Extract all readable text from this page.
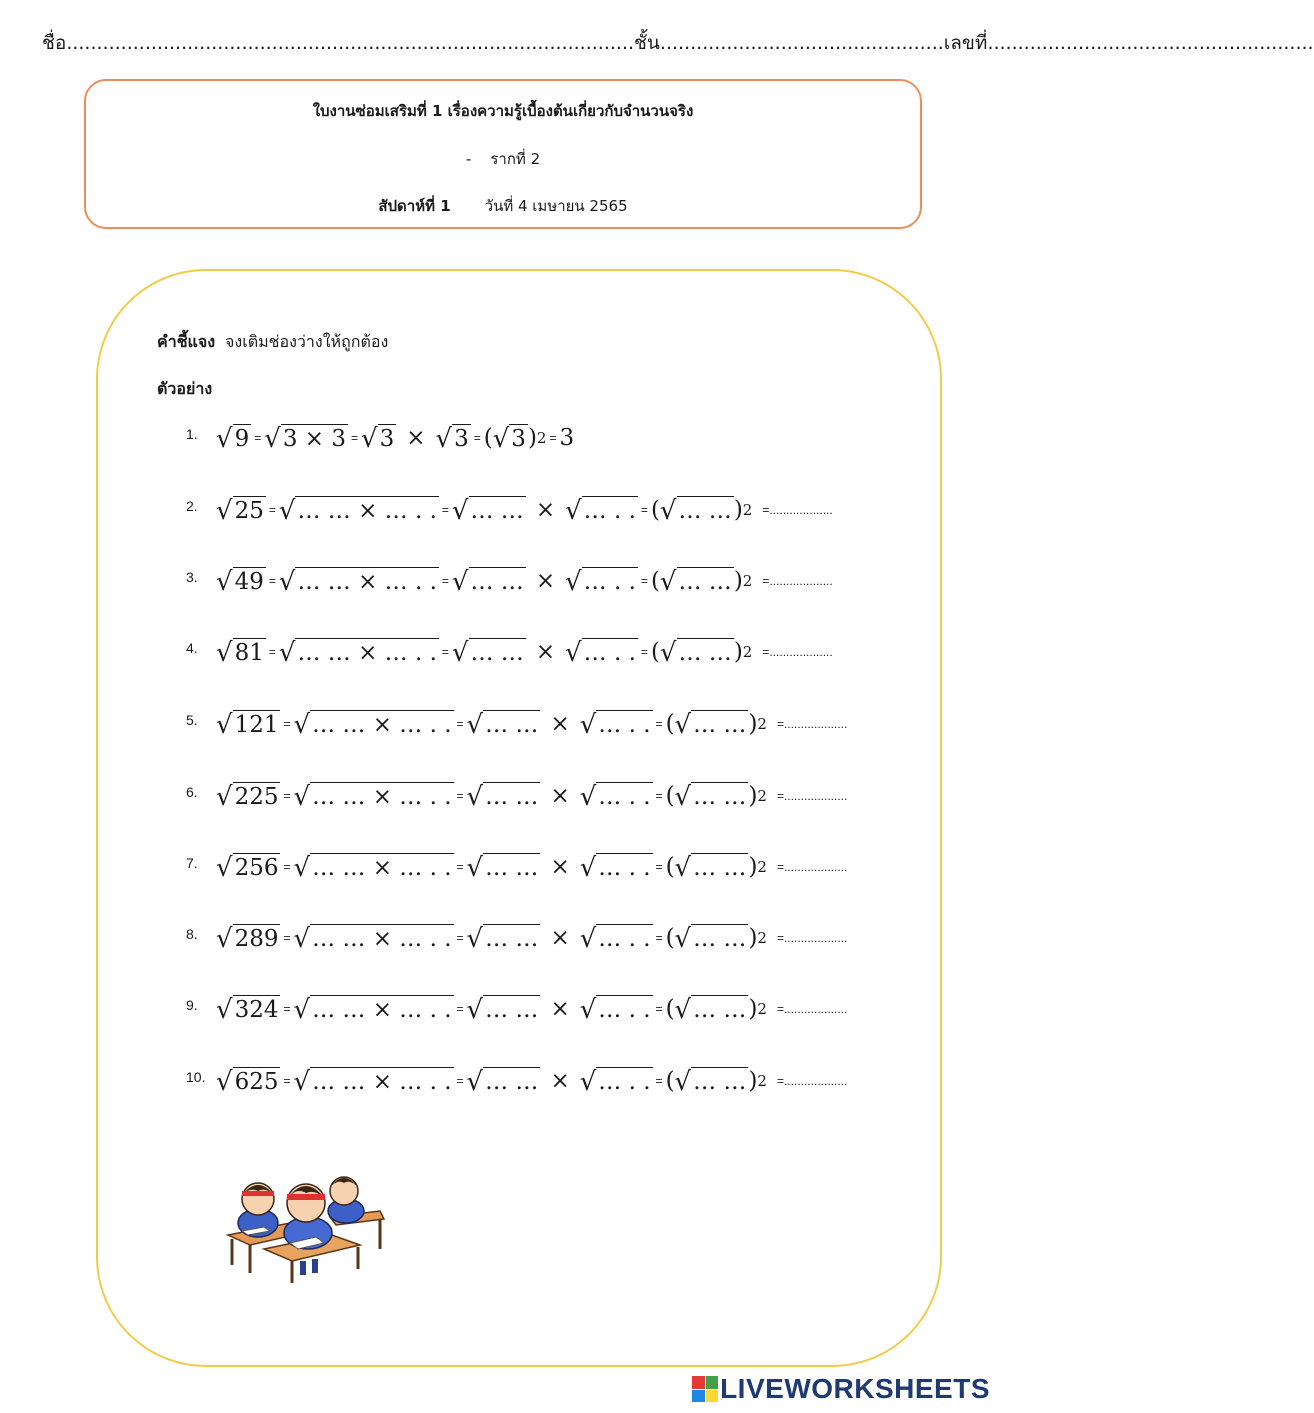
ชื่อ..............................................................................................ชั้น...............................................เลขที่......................................................
ใบงานซ่อมเสริมที่ 1 เรื่องความรู้เบื้องต้นเกี่ยวกับจำนวนจริง
- รากที่ 2
สัปดาห์ที่ 1 วันที่ 4 เมษายน 2565
คำชี้แจง จงเติมช่องว่างให้ถูกต้อง
ตัวอย่าง
1. √ 9 = √ 3 × 3 = √ 3 × √ 3 = ( √ 3 ) 2 = 3
2. √ 25 = √ … … × … . . = √ … … × √ … . . = ( √ … … ) 2 =...................
3. √ 49 = √ … … × … . . = √ … … × √ … . . = ( √ … … ) 2 =...................
4. √ 81 = √ … … × … . . = √ … … × √ … . . = ( √ … … ) 2 =...................
5. √ 121 = √ … … × … . . = √ … … × √ … . . = ( √ … … ) 2 =...................
6. √ 225 = √ … … × … . . = √ … … × √ … . . = ( √ … … ) 2 =...................
7. √ 256 = √ … … × … . . = √ … … × √ … . . = ( √ … … ) 2 =...................
8. √ 289 = √ … … × … . . = √ … … × √ … . . = ( √ … … ) 2 =...................
9. √ 324 = √ … … × … . . = √ … … × √ … . . = ( √ … … ) 2 =...................
10. √ 625 = √ … … × … . . = √ … … × √ … . . = ( √ … … ) 2 =...................
LIVEWORKSHEETS
